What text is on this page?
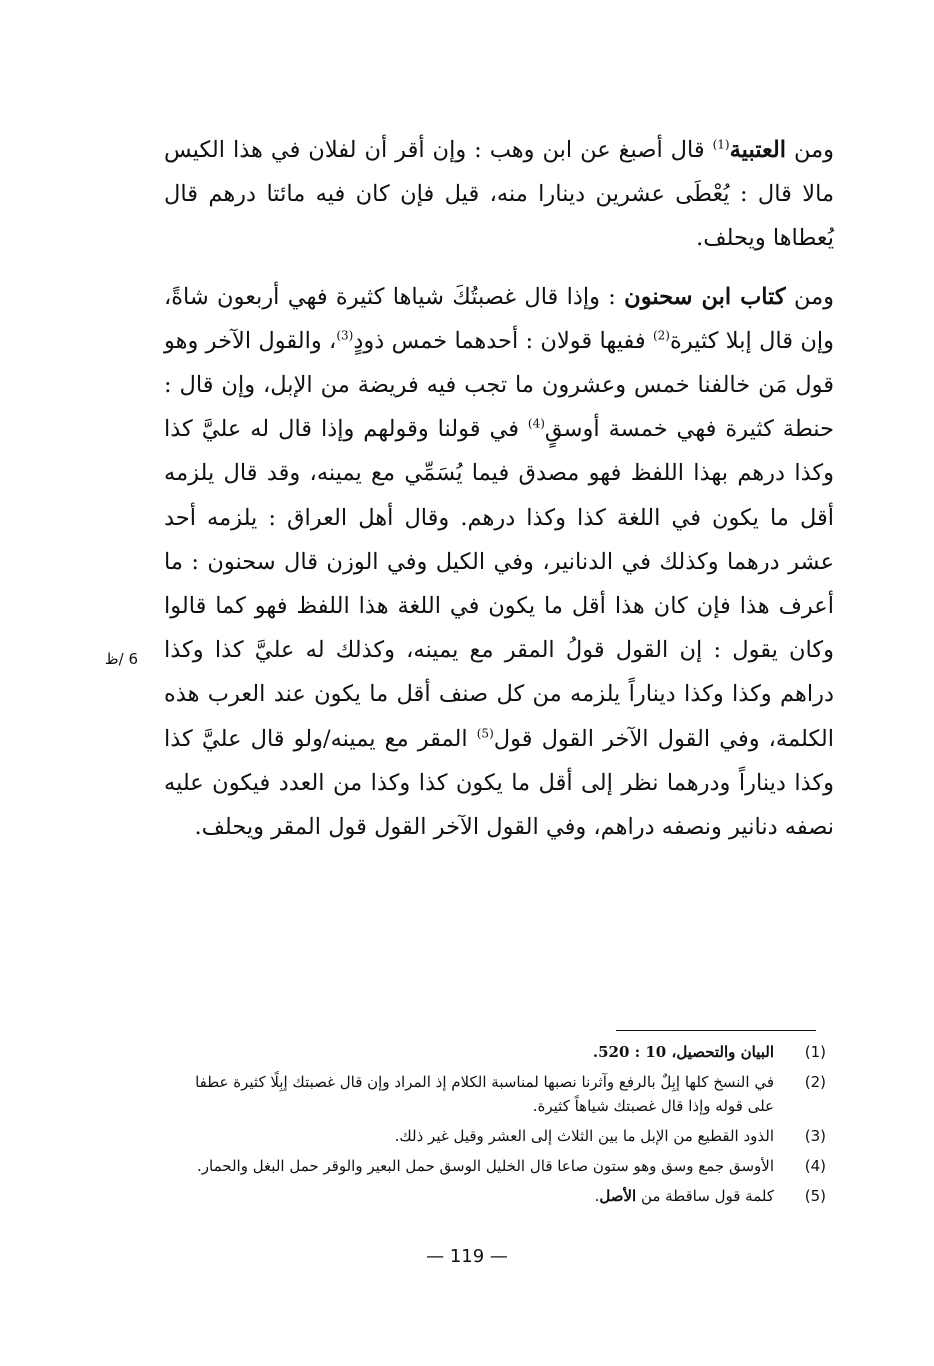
ومن العتبية$^{(1)}$ قال أصبغ عن ابن وهب : وإن أقر أن لفلان في هذا الكيس مالا قال : يُعْطَى عشرين دينارا منه، قيل فإن كان فيه مائتا درهم قال يُعطاها ويحلف.

ومن كتاب ابن سحنون : وإذا قال غصبتُكَ شياها كثيرة فهي أربعون شاةً، وإن قال إبلا كثيرة$^{(2)}$ ففيها قولان : أحدهما خمس ذودٍ$^{(3)}$، والقول الآخر وهو قول مَن خالفنا خمس وعشرون ما تجب فيه فريضة من الإبل، وإن قال : حنطة كثيرة فهي خمسة أوسقٍ$^{(4)}$ في قولنا وقولهم وإذا قال له عليَّ كذا وكذا درهم بهذا اللفظ فهو مصدق فيما يُسَمِّي مع يمينه، وقد قال يلزمه أقل ما يكون في اللغة كذا وكذا درهم. وقال أهل العراق : يلزمه أحد عشر درهما وكذلك في الدنانير، وفي الكيل وفي الوزن قال سحنون : ما أعرف هذا فإن كان هذا أقل ما يكون في اللغة هذا اللفظ فهو كما قالوا وكان يقول : إن القول قولُ المقر مع يمينه، وكذلك له عليَّ كذا وكذا دراهم وكذا وكذا ديناراً يلزمه من كل صنف أقل ما يكون عند العرب هذه الكلمة، وفي القول الآخر القول قول$^{(5)}$ المقر مع يمينه/ولو قال عليَّ كذا وكذا ديناراً ودرهما نظر إلى أقل ما يكون كذا وكذا من العدد فيكون عليه نصفه دنانير ونصفه دراهم، وفي القول الآخر القول قول المقر ويحلف.

6 /ظ
(1)
البيان والتحصيل، 10 : 520.
(2)
في النسخ كلها إبِلٌ بالرفع وآثرنا نصبها لمناسبة الكلام إذ المراد وإن قال غصبتك إبِلًا كثيرة عطفا على قوله وإذا قال غصبتك شياهاً كثيرة.
(3)
الذود القطيع من الإبل ما بين الثلاث إلى العشر وقيل غير ذلك.
(4)
الأوسق جمع وسق وهو ستون صاعا قال الخليل الوسق حمل البعير والوقر حمل البغل والحمار.
(5)
كلمة قول ساقطة من الأصل.
— 119 —
